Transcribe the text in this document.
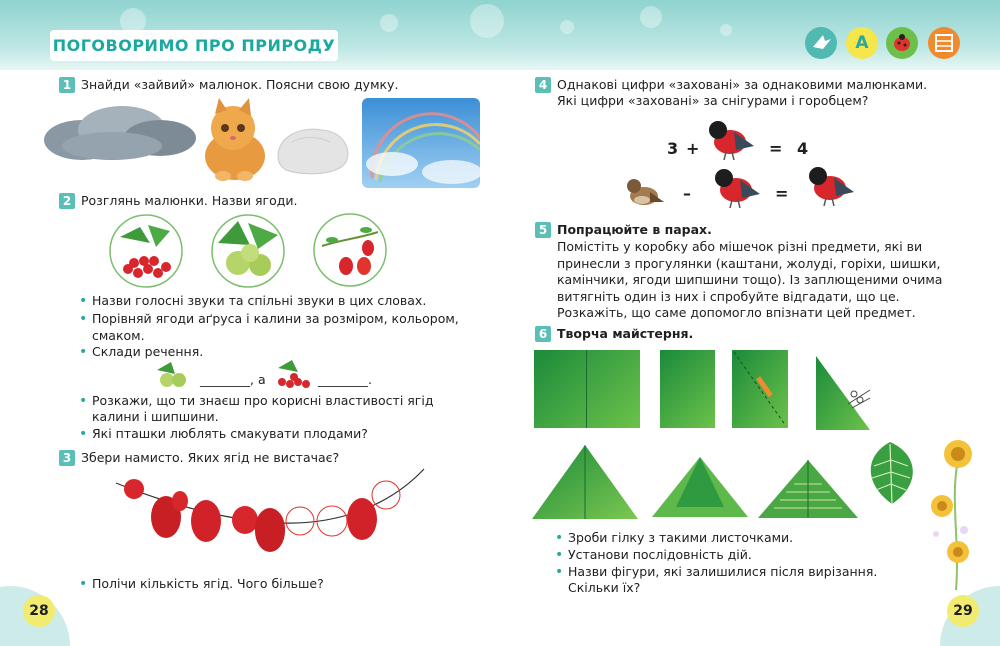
ПОГОВОРИМО ПРО ПРИРОДУ	A
1 Знайди «зайвий» малюнок. Поясни свою думку.
2 Розглянь малюнки. Назви ягоди.
• Назви голосні звуки та спільні звуки в цих словах.
• Порівняй ягоди аґруса і калини за розміром, кольором,
смаком.
• Склади речення.
________, а	________.
• Розкажи, що ти знаєш про корисні властивості ягід
калини і шипшини.
• Які пташки люблять смакувати плодами?
3 Збери намисто. Яких ягід не вистачає?
• Полічи кількість ягід. Чого більше?
28
4 Однакові цифри «заховані» за однаковими малюнками.
Які цифри «заховані» за снігурами і горобцем?
3 +	= 4
–	=
5 Попрацюйте в парах.
Помістіть у коробку або мішечок різні предмети, які ви
принесли з прогулянки (каштани, жолуді, горіхи, шишки,
камінчики, ягоди шипшини тощо). Із заплющеними очима
витягніть один із них і спробуйте відгадати, що це.
Розкажіть, що саме допомогло впізнати цей предмет.
6 Творча майстерня.
• Зроби гілку з такими листочками.
• Установи послідовність дій.
• Назви фігури, які залишилися після вирізання.
Скільки їх?
29
